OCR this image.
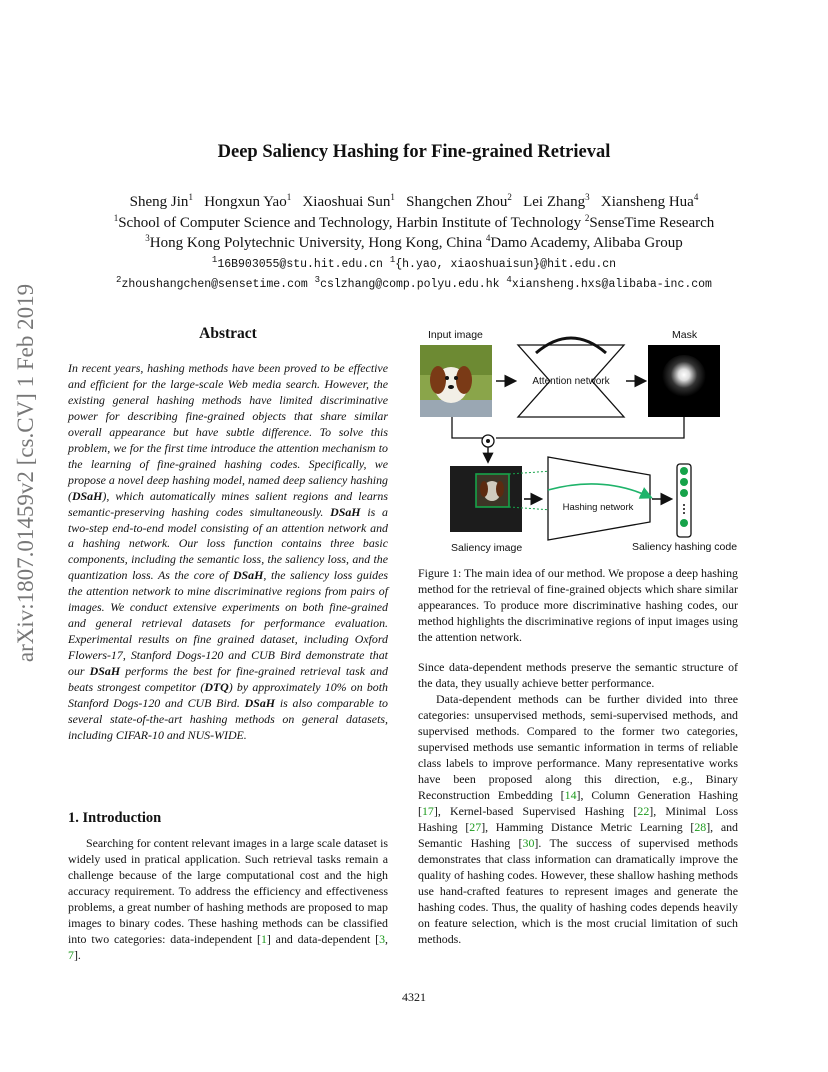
Deep Saliency Hashing for Fine-grained Retrieval
Sheng Jin$^1$ Hongxun Yao$^1$ Xiaoshuai Sun$^1$ Shangchen Zhou$^2$ Lei Zhang$^3$ Xiansheng Hua$^4$
$^1$School of Computer Science and Technology, Harbin Institute of Technology $^2$SenseTime Research
$^3$Hong Kong Polytechnic University, Hong Kong, China $^4$Damo Academy, Alibaba Group
$^1$16B903055@stu.hit.edu.cn $^1${h.yao, xiaoshuaisun}@hit.edu.cn
$^2$zhoushangchen@sensetime.com $^3$cslzhang@comp.polyu.edu.hk $^4$xiansheng.hxs@alibaba-inc.com
arXiv:1807.01459v2 [cs.CV] 1 Feb 2019	Abstract
In recent years, hashing methods have been proved to be effective and efficient for the large-scale Web media search. However, the existing general hashing methods have limited discriminative power for describing fine-grained objects that share similar overall appearance but have subtle difference. To solve this problem, we for the first time introduce the attention mechanism to the learning of fine-grained hashing codes. Specifically, we propose a novel deep hashing model, named deep saliency hashing (DSaH), which automatically mines salient regions and learns semantic-preserving hashing codes simultaneously. DSaH is a two-step end-to-end model consisting of an attention network and a hashing network. Our loss function contains three basic components, including the semantic loss, the saliency loss, and the quantization loss. As the core of DSaH, the saliency loss guides the attention network to mine discriminative regions from pairs of images. We conduct extensive experiments on both fine-grained and general retrieval datasets for performance evaluation. Experimental results on fine grained dataset, including Oxford Flowers-17, Stanford Dogs-120 and CUB Bird demonstrate that our DSaH performs the best for fine-grained retrieval task and beats strongest competitor (DTQ) by approximately 10% on both Stanford Dogs-120 and CUB Bird. DSaH is also comparable to several state-of-the-art hashing methods on general datasets, including CIFAR-10 and NUS-WIDE.
1. Introduction
Searching for content relevant images in a large scale dataset is widely used in pratical application. Such retrieval tasks remain a challenge because of the large computational cost and the high accuracy requirement. To address the efficiency and effectiveness problems, a great number of hashing methods are proposed to map images to binary codes. These hashing methods can be classified into two categories: data-independent [1] and data-dependent [3, 7].
Input image	Mask
Attention network
Hashing network
Saliency image	Saliency hashing code
Figure 1: The main idea of our method. We propose a deep hashing method for the retrieval of fine-grained objects which share similar appearances. To produce more discriminative hashing codes, our method highlights the discriminative regions of input images using the attention network.
Since data-dependent methods preserve the semantic structure of the data, they usually achieve better performance.
Data-dependent methods can be further divided into three categories: unsupervised methods, semi-supervised methods, and supervised methods. Compared to the former two categories, supervised methods use semantic information in terms of reliable class labels to improve performance. Many representative works have been proposed along this direction, e.g., Binary Reconstruction Embedding [14], Column Generation Hashing [17], Kernel-based Supervised Hashing [22], Minimal Loss Hashing [27], Hamming Distance Metric Learning [28], and Semantic Hashing [30]. The success of supervised methods demonstrates that class information can dramatically improve the quality of hashing codes. However, these shallow hashing methods use hand-crafted features to represent images and generate the hashing codes. Thus, the quality of hashing codes depends heavily on feature selection, which is the most crucial limitation of such methods.
4321
